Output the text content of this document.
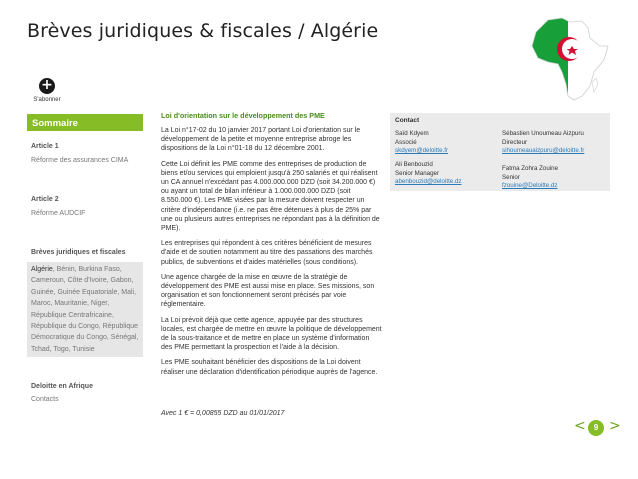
Brèves juridiques & fiscales / Algérie
+
S'abonner
Sommaire
Article 1
Réforme des assurances CIMA
Article 2
Réforme AUDCIF
Brèves juridiques et fiscales
Algérie, Bénin, Burkina Faso, Cameroun, Côte d'Ivoire, Gabon, Guinée, Guinée Equatoriale, Mali, Maroc, Mauritanie, Niger, République Centrafricaine, République du Congo, République Démocratique du Congo, Sénégal, Tchad, Togo, Tunisie
Deloitte en Afrique
Contacts
Loi d'orientation sur le développement des PME

La Loi n°17-02 du 10 janvier 2017 portant Loi d'orientation sur le développement de la petite et moyenne entreprise abroge les dispositions de la Loi n°01-18 du 12 décembre 2001.

Cette Loi définit les PME comme des entreprises de production de biens et/ou services qui emploient jusqu'à 250 salariés et qui réalisent un CA annuel n'excédant pas 4.000.000.000 DZD (soit 34.200.000 €) ou ayant un total de bilan inférieur à 1.000.000.000 DZD (soit 8.550.000 €). Les PME visées par la mesure doivent respecter un critère d'indépendance (i.e. ne pas être détenues à plus de 25% par une ou plusieurs autres entreprises ne répondant pas à la définition de PME).

Les entreprises qui répondent à ces critères bénéficient de mesures d'aide et de soutien notamment au titre des passations des marchés publics, de subventions et d'aides matérielles (sous conditions).

Une agence chargée de la mise en œuvre de la stratégie de développement des PME est aussi mise en place. Ses missions, son organisation et son fonctionnement seront précisés par voie réglementaire.

La Loi prévoit déjà que cette agence, appuyée par des structures locales, est chargée de mettre en œuvre la politique de développement de la sous-traitance et de mettre en place un système d'information des PME permettant la prospection et l'aide à la décision.

Les PME souhaitant bénéficier des dispositions de la Loi doivent réaliser une déclaration d'identification périodique auprès de l'agence.

Avec 1 € = 0,00855 DZD au 01/01/2017
Contact
Saïd Kdyem
Associé
skdyem@deloitte.fr
Sébastien Unoumeau Aizpuru
Directeur
sihoumeauaizpuru@deloitte.fr
Ali Benbouzid
Senior Manager
abenbouzid@deloitte.dz
Fatma Zohra Zouine
Senior
fzouine@Deloitte.dz
<	9 >
